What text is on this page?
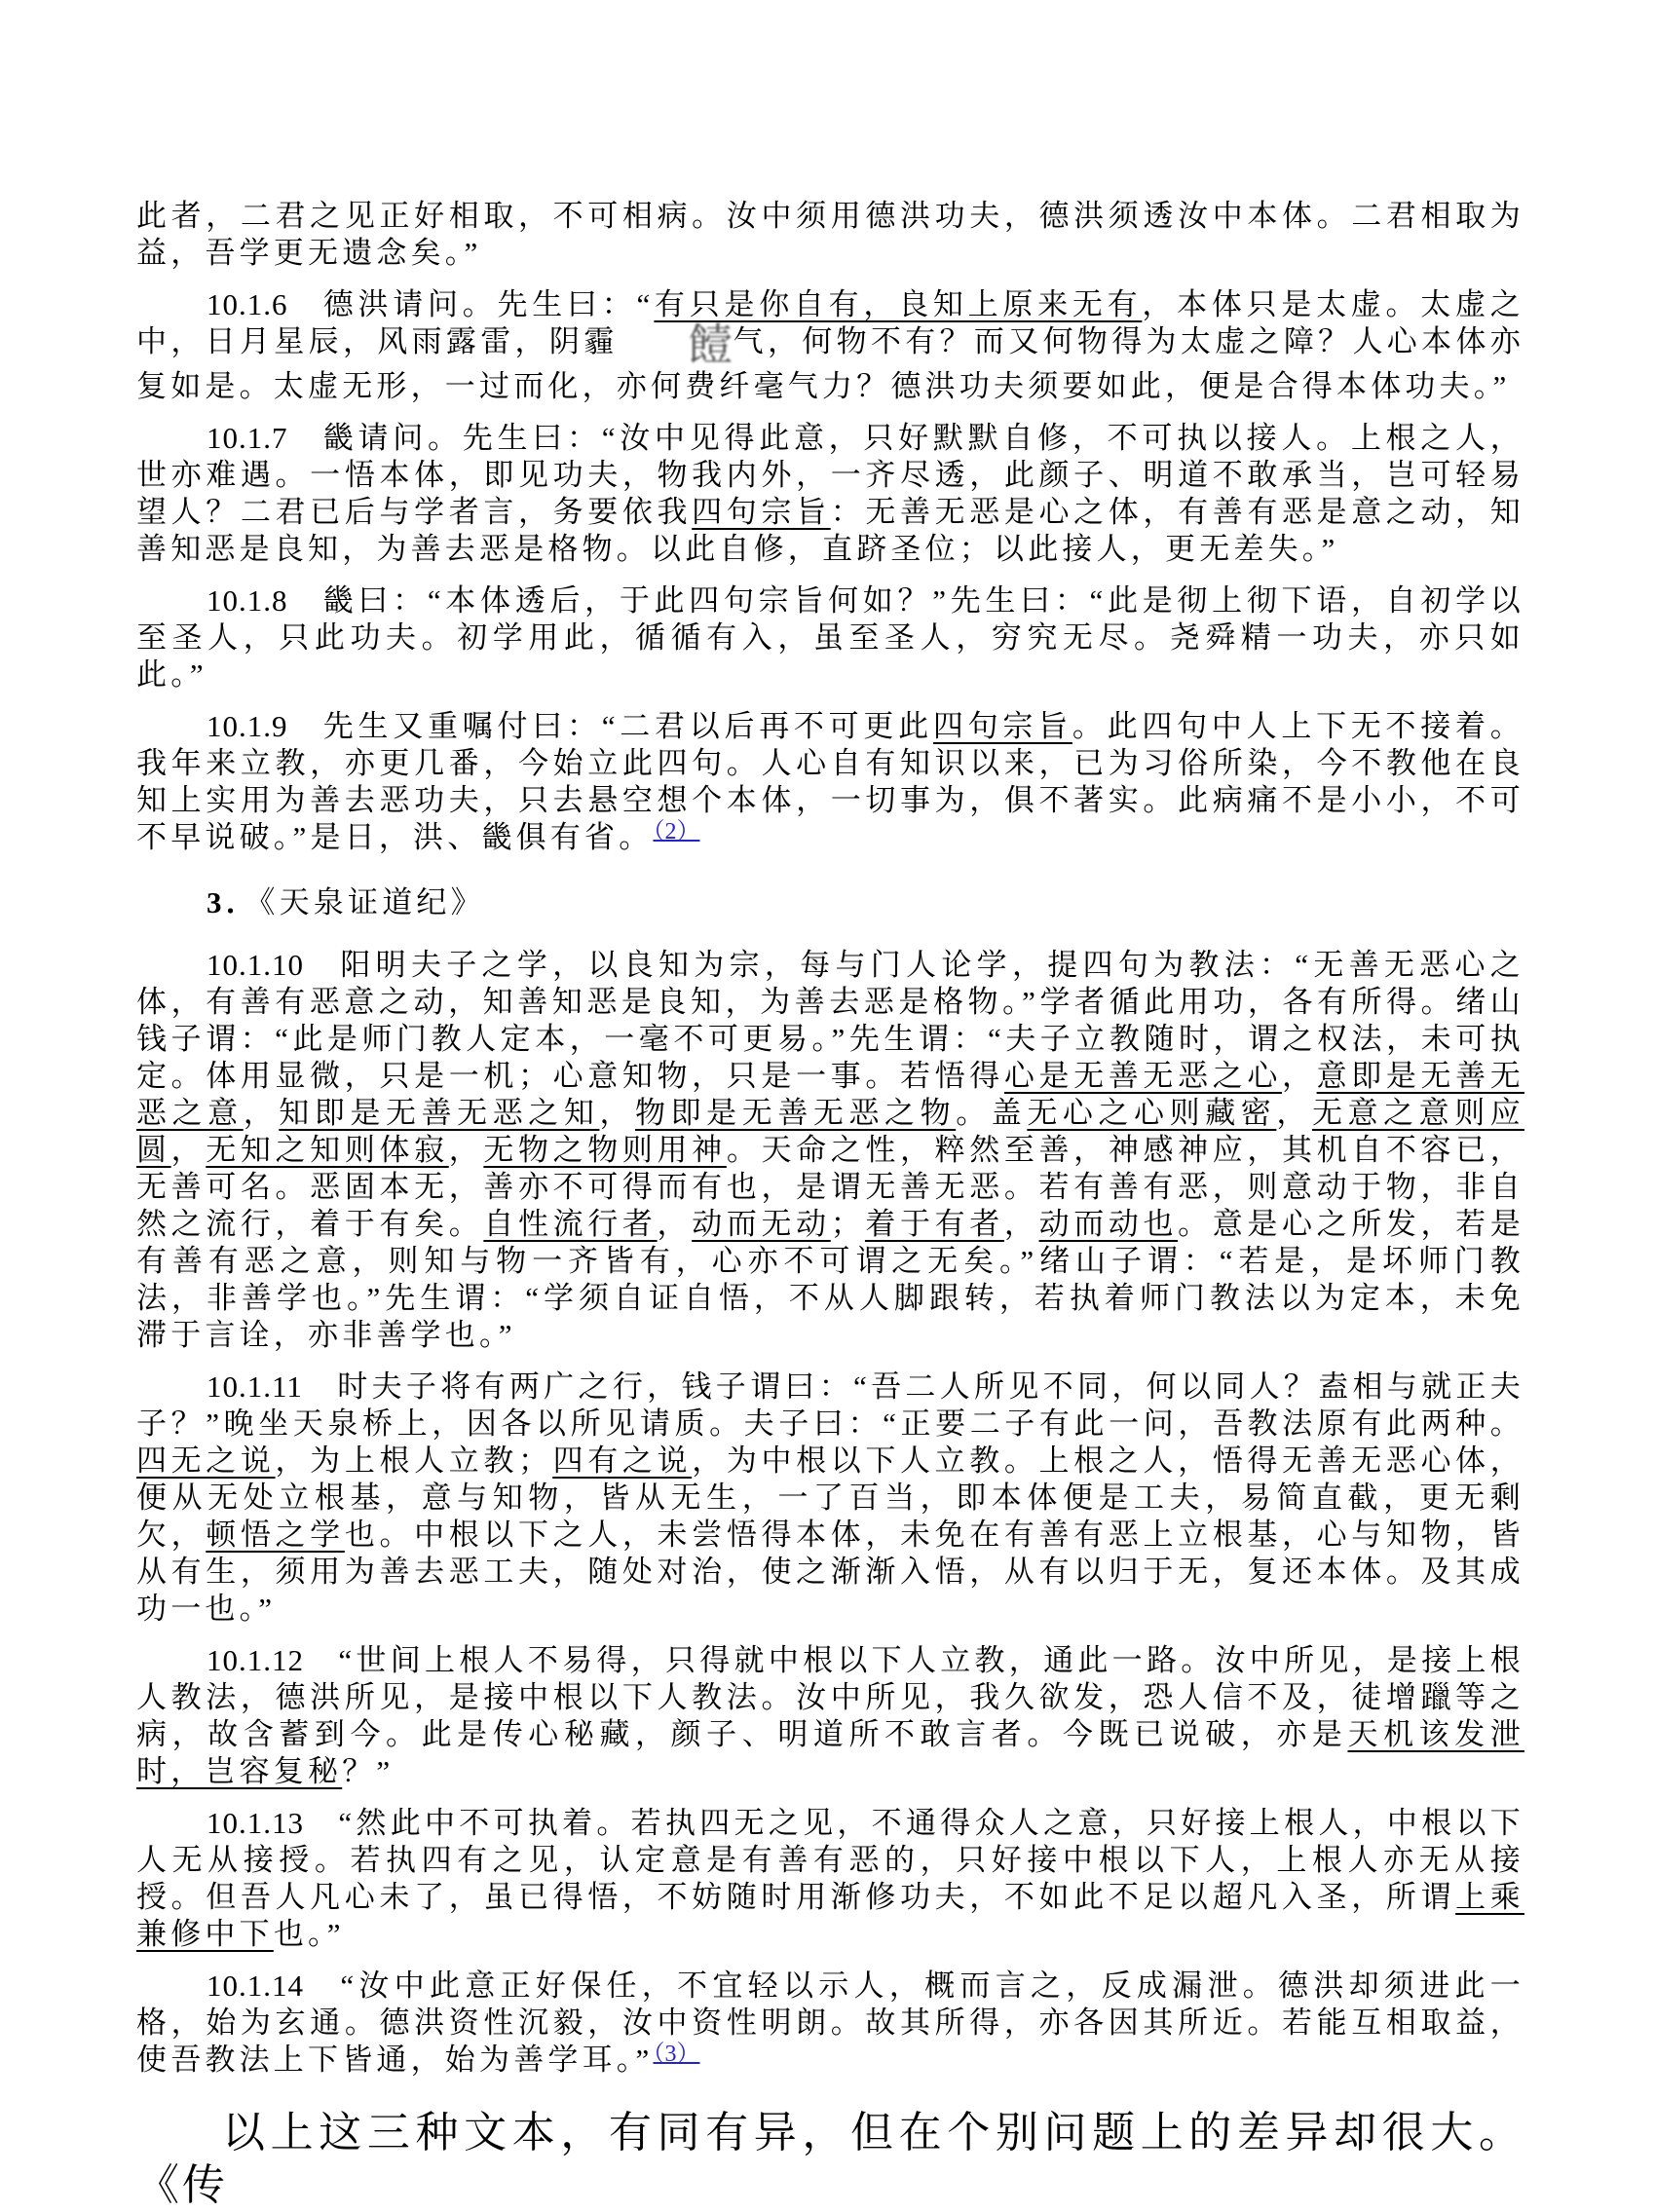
此者，二君之见正好相取，不可相病。汝中须用德洪功夫，德洪须透汝中本体。二君相取为益，吾学更无遗念矣。”

10.1.6　德洪请问。先生曰：“有只是你自有，良知上原来无有，本体只是太虚。太虚之中，日月星辰，风雨露雷，阴霾 饐气，何物不有？而又何物得为太虚之障？人心本体亦复如是。太虚无形，一过而化，亦何费纤毫气力？德洪功夫须要如此，便是合得本体功夫。”

10.1.7　畿请问。先生曰：“汝中见得此意，只好默默自修，不可执以接人。上根之人，世亦难遇。一悟本体，即见功夫，物我内外，一齐尽透，此颜子、明道不敢承当，岂可轻易望人？二君已后与学者言，务要依我四句宗旨：无善无恶是心之体，有善有恶是意之动，知善知恶是良知，为善去恶是格物。以此自修，直跻圣位；以此接人，更无差失。”

10.1.8　畿曰：“本体透后，于此四句宗旨何如？”先生曰：“此是彻上彻下语，自初学以至圣人，只此功夫。初学用此，循循有入，虽至圣人，穷究无尽。尧舜精一功夫，亦只如此。”

10.1.9　先生又重嘱付曰：“二君以后再不可更此四句宗旨。此四句中人上下无不接着。我年来立教，亦更几番，今始立此四句。人心自有知识以来，已为习俗所染，今不教他在良知上实用为善去恶功夫，只去悬空想个本体，一切事为，俱不著实。此病痛不是小小，不可不早说破。”是日，洪、畿俱有省。$^{(2)}$

3．《天泉证道纪》

10.1.10　阳明夫子之学，以良知为宗，每与门人论学，提四句为教法：“无善无恶心之体，有善有恶意之动，知善知恶是良知，为善去恶是格物。”学者循此用功，各有所得。绪山钱子谓：“此是师门教人定本，一毫不可更易。”先生谓：“夫子立教随时，谓之权法，未可执定。体用显微，只是一机；心意知物，只是一事。若悟得心是无善无恶之心，意即是无善无恶之意，知即是无善无恶之知，物即是无善无恶之物。盖无心之心则藏密，无意之意则应圆，无知之知则体寂，无物之物则用神。天命之性，粹然至善，神感神应，其机自不容已，无善可名。恶固本无，善亦不可得而有也，是谓无善无恶。若有善有恶，则意动于物，非自然之流行，着于有矣。自性流行者，动而无动；着于有者，动而动也。意是心之所发，若是有善有恶之意，则知与物一齐皆有，心亦不可谓之无矣。”绪山子谓：“若是，是坏师门教法，非善学也。”先生谓：“学须自证自悟，不从人脚跟转，若执着师门教法以为定本，未免滞于言诠，亦非善学也。”

10.1.11　时夫子将有两广之行，钱子谓曰：“吾二人所见不同，何以同人？盍相与就正夫子？”晚坐天泉桥上，因各以所见请质。夫子曰：“正要二子有此一问，吾教法原有此两种。四无之说，为上根人立教；四有之说，为中根以下人立教。上根之人，悟得无善无恶心体，便从无处立根基，意与知物，皆从无生，一了百当，即本体便是工夫，易简直截，更无剩欠，顿悟之学也。中根以下之人，未尝悟得本体，未免在有善有恶上立根基，心与知物，皆从有生，须用为善去恶工夫，随处对治，使之渐渐入悟，从有以归于无，复还本体。及其成功一也。”

10.1.12　“世间上根人不易得，只得就中根以下人立教，通此一路。汝中所见，是接上根人教法，德洪所见，是接中根以下人教法。汝中所见，我久欲发，恐人信不及，徒增躐等之病，故含蓄到今。此是传心秘藏，颜子、明道所不敢言者。今既已说破，亦是天机该发泄时，岂容复秘？”

10.1.13　“然此中不可执着。若执四无之见，不通得众人之意，只好接上根人，中根以下人无从接授。若执四有之见，认定意是有善有恶的，只好接中根以下人，上根人亦无从接授。但吾人凡心未了，虽已得悟，不妨随时用渐修功夫，不如此不足以超凡入圣，所谓上乘兼修中下也。”

10.1.14　“汝中此意正好保任，不宜轻以示人，概而言之，反成漏泄。德洪却须进此一格，始为玄通。德洪资性沉毅，汝中资性明朗。故其所得，亦各因其所近。若能互相取益，使吾教法上下皆通，始为善学耳。”$^{(3)}$

以上这三种文本，有同有异，但在个别问题上的差异却很大。《传
